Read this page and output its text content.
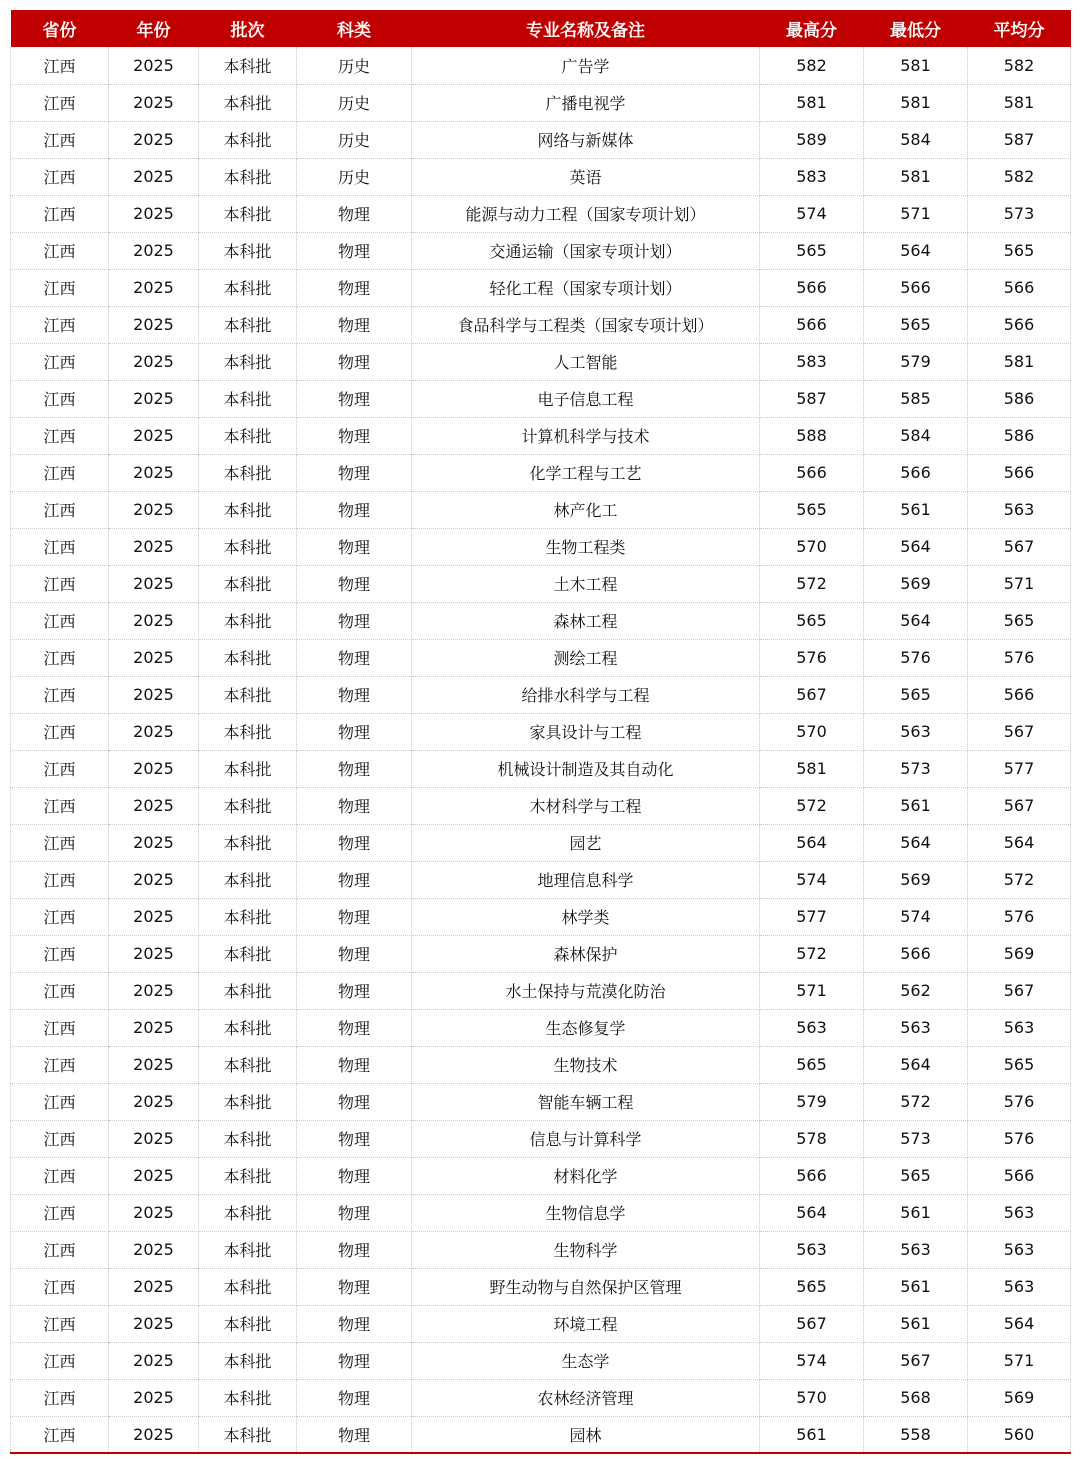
省份	年份	批次	科类	专业名称及备注	最高分	最低分	平均分
江西	2025	本科批	历史	广告学	582	581	582
江西	2025	本科批	历史	广播电视学	581	581	581
江西	2025	本科批	历史	网络与新媒体	589	584	587
江西	2025	本科批	历史	英语	583	581	582
江西	2025	本科批	物理	能源与动力工程（国家专项计划）	574	571	573
江西	2025	本科批	物理	交通运输（国家专项计划）	565	564	565
江西	2025	本科批	物理	轻化工程（国家专项计划）	566	566	566
江西	2025	本科批	物理	食品科学与工程类（国家专项计划）	566	565	566
江西	2025	本科批	物理	人工智能	583	579	581
江西	2025	本科批	物理	电子信息工程	587	585	586
江西	2025	本科批	物理	计算机科学与技术	588	584	586
江西	2025	本科批	物理	化学工程与工艺	566	566	566
江西	2025	本科批	物理	林产化工	565	561	563
江西	2025	本科批	物理	生物工程类	570	564	567
江西	2025	本科批	物理	土木工程	572	569	571
江西	2025	本科批	物理	森林工程	565	564	565
江西	2025	本科批	物理	测绘工程	576	576	576
江西	2025	本科批	物理	给排水科学与工程	567	565	566
江西	2025	本科批	物理	家具设计与工程	570	563	567
江西	2025	本科批	物理	机械设计制造及其自动化	581	573	577
江西	2025	本科批	物理	木材科学与工程	572	561	567
江西	2025	本科批	物理	园艺	564	564	564
江西	2025	本科批	物理	地理信息科学	574	569	572
江西	2025	本科批	物理	林学类	577	574	576
江西	2025	本科批	物理	森林保护	572	566	569
江西	2025	本科批	物理	水土保持与荒漠化防治	571	562	567
江西	2025	本科批	物理	生态修复学	563	563	563
江西	2025	本科批	物理	生物技术	565	564	565
江西	2025	本科批	物理	智能车辆工程	579	572	576
江西	2025	本科批	物理	信息与计算科学	578	573	576
江西	2025	本科批	物理	材料化学	566	565	566
江西	2025	本科批	物理	生物信息学	564	561	563
江西	2025	本科批	物理	生物科学	563	563	563
江西	2025	本科批	物理	野生动物与自然保护区管理	565	561	563
江西	2025	本科批	物理	环境工程	567	561	564
江西	2025	本科批	物理	生态学	574	567	571
江西	2025	本科批	物理	农林经济管理	570	568	569
江西	2025	本科批	物理	园林	561	558	560
